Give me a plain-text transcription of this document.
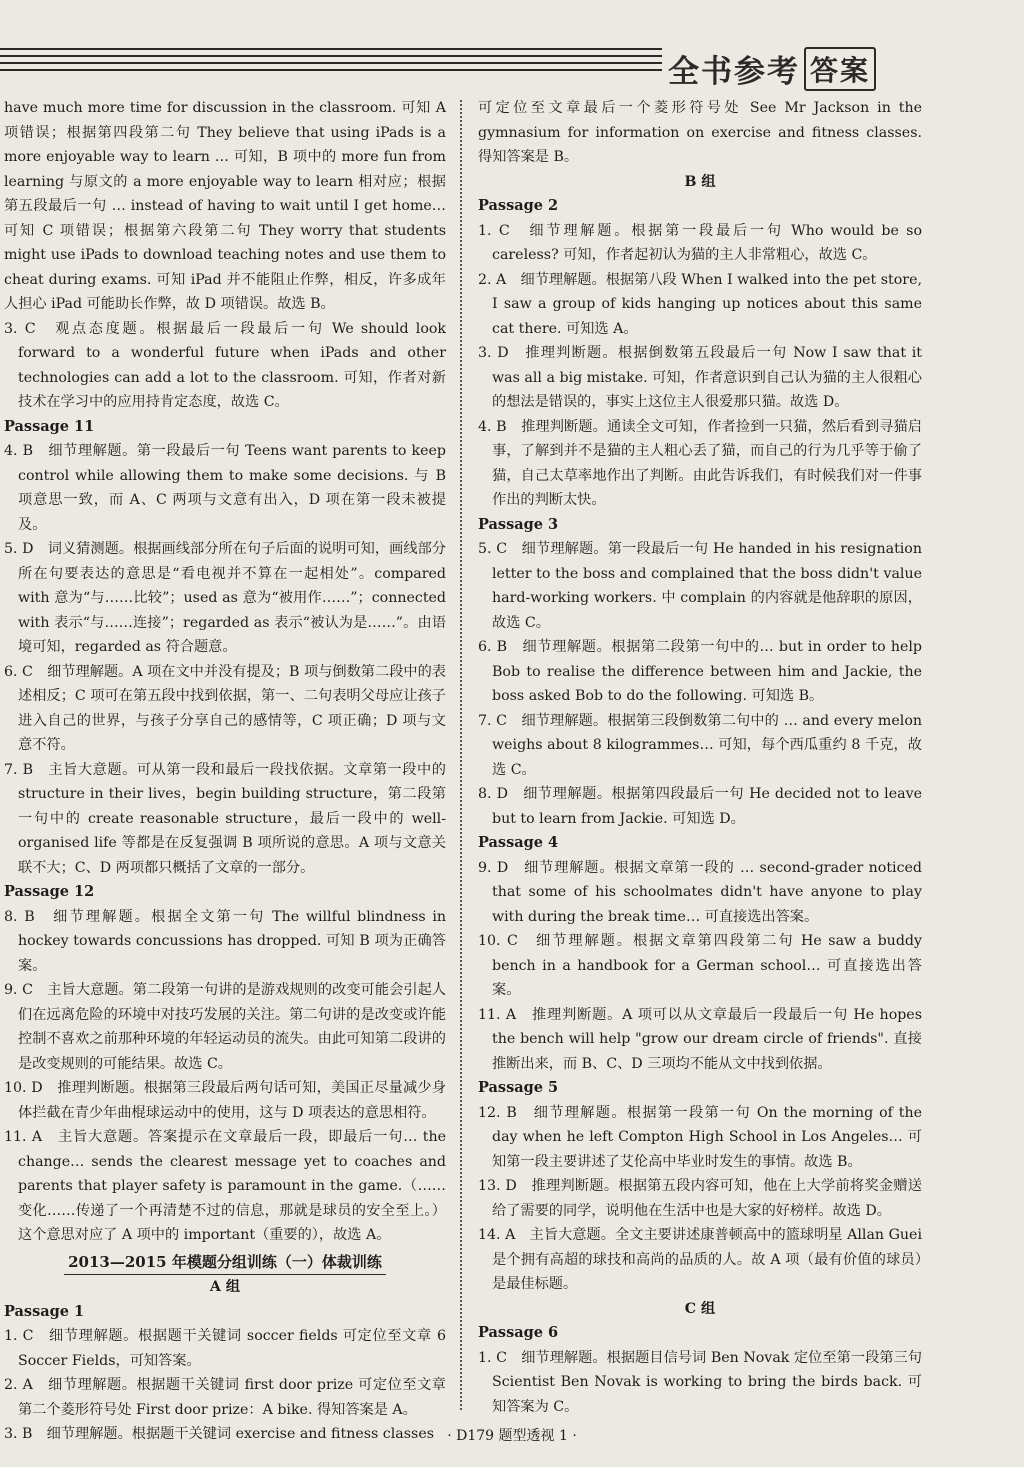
全书参考 答案
have much more time for discussion in the classroom. 可知 A 项错误；根据第四段第二句 They believe that using iPads is a more enjoyable way to learn … 可知，B 项中的 more fun from learning 与原文的 a more enjoyable way to learn 相对应；根据第五段最后一句 … instead of having to wait until I get home… 可知 C 项错误；根据第六段第二句 They worry that students might use iPads to download teaching notes and use them to cheat during exams. 可知 iPad 并不能阻止作弊，相反，许多成年人担心 iPad 可能助长作弊，故 D 项错误。故选 B。
3. C　观点态度题。根据最后一段最后一句 We should look forward to a wonderful future when iPads and other technologies can add a lot to the classroom. 可知，作者对新技术在学习中的应用持肯定态度，故选 C。
Passage 11
4. B　细节理解题。第一段最后一句 Teens want parents to keep control while allowing them to make some decisions. 与 B 项意思一致，而 A、C 两项与文意有出入，D 项在第一段未被提及。
5. D　词义猜测题。根据画线部分所在句子后面的说明可知，画线部分所在句要表达的意思是“看电视并不算在一起相处”。compared with 意为“与……比较”；used as 意为“被用作……”；connected with 表示“与……连接”；regarded as 表示“被认为是……”。由语境可知，regarded as 符合题意。
6. C　细节理解题。A 项在文中并没有提及；B 项与倒数第二段中的表述相反；C 项可在第五段中找到依据，第一、二句表明父母应让孩子进入自己的世界，与孩子分享自己的感情等，C 项正确；D 项与文意不符。
7. B　主旨大意题。可从第一段和最后一段找依据。文章第一段中的 structure in their lives，begin building structure，第二段第一句中的 create reasonable structure，最后一段中的 well-organised life 等都是在反复强调 B 项所说的意思。A 项与文意关联不大；C、D 两项都只概括了文章的一部分。
Passage 12
8. B　细节理解题。根据全文第一句 The willful blindness in hockey towards concussions has dropped. 可知 B 项为正确答案。
9. C　主旨大意题。第二段第一句讲的是游戏规则的改变可能会引起人们在远离危险的环境中对技巧发展的关注。第二句讲的是改变或许能控制不喜欢之前那种环境的年轻运动员的流失。由此可知第二段讲的是改变规则的可能结果。故选 C。
10. D　推理判断题。根据第三段最后两句话可知，美国正尽量减少身体拦截在青少年曲棍球运动中的使用，这与 D 项表达的意思相符。
11. A　主旨大意题。答案提示在文章最后一段，即最后一句… the change… sends the clearest message yet to coaches and parents that player safety is paramount in the game.（……变化……传递了一个再清楚不过的信息，那就是球员的安全至上。）这个意思对应了 A 项中的 important（重要的），故选 A。
2013—2015 年模题分组训练（一）体裁训练
A 组
Passage 1
1. C　细节理解题。根据题干关键词 soccer fields 可定位至文章 6 Soccer Fields，可知答案。
2. A　细节理解题。根据题干关键词 first door prize 可定位至文章第二个菱形符号处 First door prize：A bike. 得知答案是 A。
3. B　细节理解题。根据题干关键词 exercise and fitness classes
可定位至文章最后一个菱形符号处 See Mr Jackson in the gymnasium for information on exercise and fitness classes. 得知答案是 B。
B 组
Passage 2
1. C　细节理解题。根据第一段最后一句 Who would be so careless? 可知，作者起初认为猫的主人非常粗心，故选 C。
2. A　细节理解题。根据第八段 When I walked into the pet store, I saw a group of kids hanging up notices about this same cat there. 可知选 A。
3. D　推理判断题。根据倒数第五段最后一句 Now I saw that it was all a big mistake. 可知，作者意识到自己认为猫的主人很粗心的想法是错误的，事实上这位主人很爱那只猫。故选 D。
4. B　推理判断题。通读全文可知，作者捡到一只猫，然后看到寻猫启事，了解到并不是猫的主人粗心丢了猫，而自己的行为几乎等于偷了猫，自己太草率地作出了判断。由此告诉我们，有时候我们对一件事作出的判断太快。
Passage 3
5. C　细节理解题。第一段最后一句 He handed in his resignation letter to the boss and complained that the boss didn't value hard-working workers. 中 complain 的内容就是他辞职的原因，故选 C。
6. B　细节理解题。根据第二段第一句中的… but in order to help Bob to realise the difference between him and Jackie, the boss asked Bob to do the following. 可知选 B。
7. C　细节理解题。根据第三段倒数第二句中的 … and every melon weighs about 8 kilogrammes… 可知，每个西瓜重约 8 千克，故选 C。
8. D　细节理解题。根据第四段最后一句 He decided not to leave but to learn from Jackie. 可知选 D。
Passage 4
9. D　细节理解题。根据文章第一段的 … second-grader noticed that some of his schoolmates didn't have anyone to play with during the break time… 可直接选出答案。
10. C　细节理解题。根据文章第四段第二句 He saw a buddy bench in a handbook for a German school… 可直接选出答案。
11. A　推理判断题。A 项可以从文章最后一段最后一句 He hopes the bench will help "grow our dream circle of friends". 直接推断出来，而 B、C、D 三项均不能从文中找到依据。
Passage 5
12. B　细节理解题。根据第一段第一句 On the morning of the day when he left Compton High School in Los Angeles… 可知第一段主要讲述了艾伦高中毕业时发生的事情。故选 B。
13. D　推理判断题。根据第五段内容可知，他在上大学前将奖金赠送给了需要的同学，说明他在生活中也是大家的好榜样。故选 D。
14. A　主旨大意题。全文主要讲述康普顿高中的篮球明星 Allan Guei 是个拥有高超的球技和高尚的品质的人。故 A 项（最有价值的球员）是最佳标题。
C 组
Passage 6
1. C　细节理解题。根据题目信号词 Ben Novak 定位至第一段第三句 Scientist Ben Novak is working to bring the birds back. 可知答案为 C。
· D179 题型透视 1 ·
